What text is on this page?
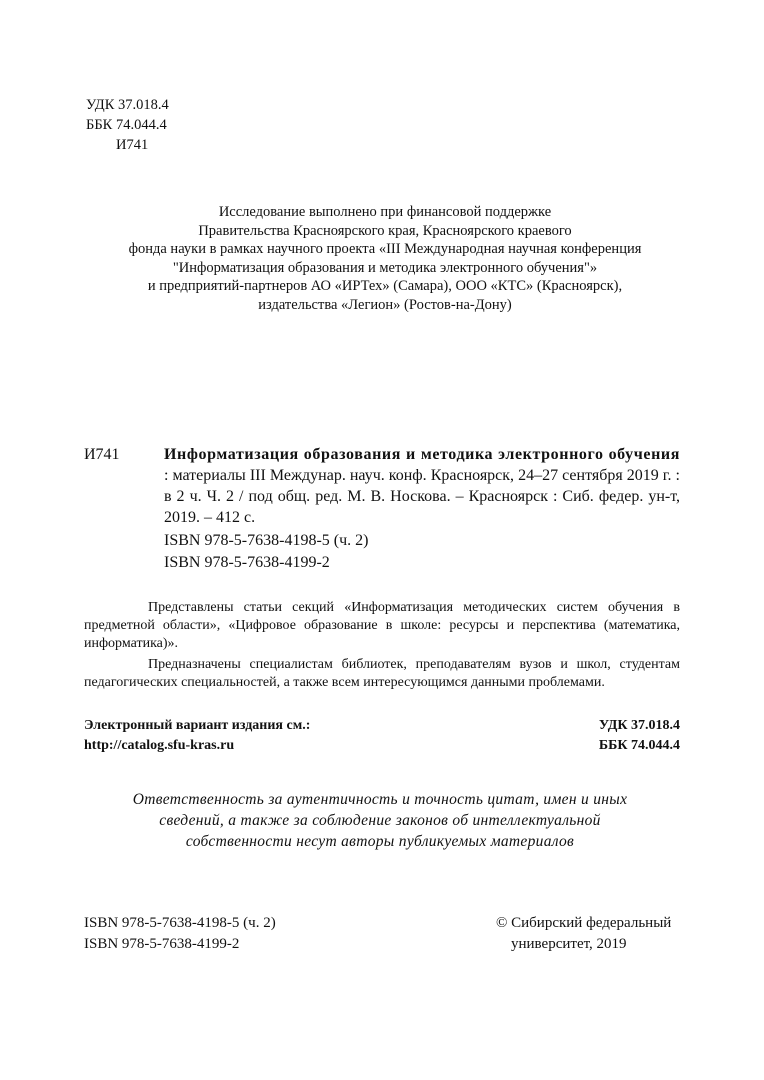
УДК 37.018.4
ББК 74.044.4
И741
Исследование выполнено при финансовой поддержке
Правительства Красноярского края, Красноярского краевого
фонда науки в рамках научного проекта «III Международная научная конференция
"Информатизация образования и методика электронного обучения"»
и предприятий-партнеров АО «ИРТех» (Самара), ООО «КТС» (Красноярск),
издательства «Легион» (Ростов-на-Дону)
И741	Информатизация образования и методика электронного обучения : материалы III Междунар. науч. конф. Красноярск, 24–27 сентября 2019 г. : в 2 ч. Ч. 2 / под общ. ред. М. В. Носкова. – Красноярск : Сиб. федер. ун-т, 2019. – 412 с.
ISBN 978-5-7638-4198-5 (ч. 2)
ISBN 978-5-7638-4199-2

Представлены статьи секций «Информатизация методических систем обучения в предметной области», «Цифровое образование в школе: ресурсы и перспектива (математика, информатика)».

Предназначены специалистам библиотек, преподавателям вузов и школ, студентам педагогических специальностей, а также всем интересующимся данными проблемами.

Электронный вариант издания см.:	УДК 37.018.4
http://catalog.sfu-kras.ru	ББК 74.044.4
Ответственность за аутентичность и точность цитат, имен и иных
сведений, а также за соблюдение законов об интеллектуальной
собственности несут авторы публикуемых материалов
ISBN 978-5-7638-4198-5 (ч. 2)
ISBN 978-5-7638-4199-2
© Сибирский федеральный
университет, 2019
